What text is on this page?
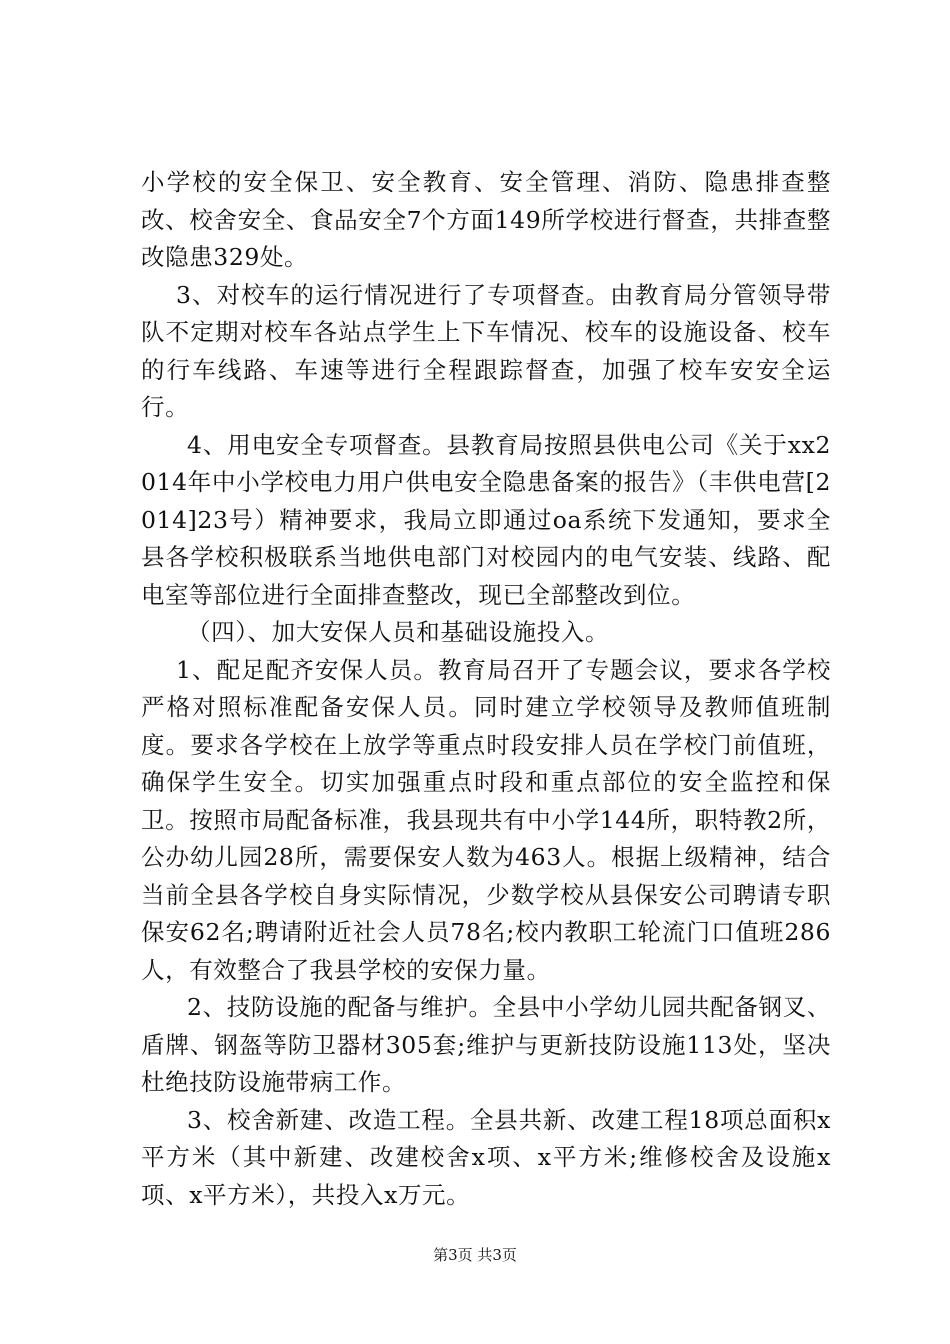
小学校的安全保卫、安全教育、安全管理、消防、隐患排查整改、校舍安全、食品安全7个方面149所学校进行督查，共排查整改隐患329处。

3、对校车的运行情况进行了专项督查。由教育局分管领导带队不定期对校车各站点学生上下车情况、校车的设施设备、校车的行车线路、车速等进行全程跟踪督查，加强了校车安安全运行。

4、用电安全专项督查。县教育局按照县供电公司《关于xx2014年中小学校电力用户供电安全隐患备案的报告》（丰供电营[2014]23号）精神要求，我局立即通过oa系统下发通知，要求全县各学校积极联系当地供电部门对校园内的电气安装、线路、配电室等部位进行全面排查整改，现已全部整改到位。

（四）、加大安保人员和基础设施投入。

1、配足配齐安保人员。教育局召开了专题会议，要求各学校严格对照标准配备安保人员。同时建立学校领导及教师值班制度。要求各学校在上放学等重点时段安排人员在学校门前值班，确保学生安全。切实加强重点时段和重点部位的安全监控和保卫。按照市局配备标准，我县现共有中小学144所，职特教2所，公办幼儿园28所，需要保安人数为463人。根据上级精神，结合当前全县各学校自身实际情况，少数学校从县保安公司聘请专职保安62名;聘请附近社会人员78名;校内教职工轮流门口值班286人，有效整合了我县学校的安保力量。

2、技防设施的配备与维护。全县中小学幼儿园共配备钢叉、盾牌、钢盔等防卫器材305套;维护与更新技防设施113处，坚决杜绝技防设施带病工作。

3、校舍新建、改造工程。全县共新、改建工程18项总面积x平方米（其中新建、改建校舍x项、x平方米;维修校舍及设施x项、x平方米），共投入x万元。

第3页 共3页
